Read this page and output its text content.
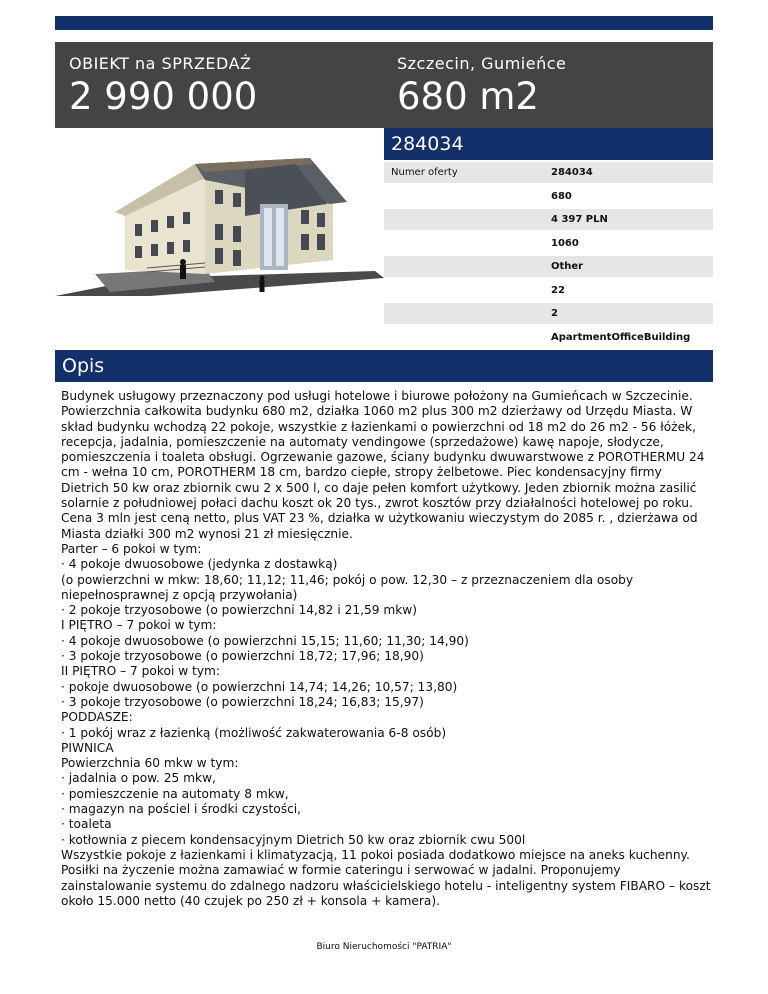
OBIEKT na SPRZEDAŻ
2 990 000
Szczecin, Gumieńce
680 m2
284034
Numer oferty	284034
680
4 397 PLN
1060
Other
22
2
ApartmentOfficeBuilding
Opis

Budynek usługowy przeznaczony pod usługi hotelowe i biurowe położony na Gumieńcach w Szczecinie. Powierzchnia całkowita budynku 680 m2, działka 1060 m2 plus 300 m2 dzierżawy od Urzędu Miasta. W skład budynku wchodzą 22 pokoje, wszystkie z łazienkami o powierzchni od 18 m2 do 26 m2 - 56 łóżek, recepcja, jadalnia, pomieszczenie na automaty vendingowe (sprzedażowe) kawę napoje, słodycze, pomieszczenia i toaleta obsługi. Ogrzewanie gazowe, ściany budynku dwuwarstwowe z POROTHERMU 24 cm - wełna 10 cm, POROTHERM 18 cm, bardzo ciepłe, stropy żelbetowe. Piec kondensacyjny firmy Dietrich 50 kw oraz zbiornik cwu 2 x 500 l, co daje pełen komfort użytkowy. Jeden zbiornik można zasilić solarnie z południowej połaci dachu koszt ok 20 tys., zwrot kosztów przy działalności hotelowej po roku.

Cena 3 mln jest ceną netto, plus VAT 23 %, działka w użytkowaniu wieczystym do 2085 r. , dzierżawa od Miasta działki 300 m2 wynosi 21 zł miesięcznie.

Parter – 6 pokoi w tym:

· 4 pokoje dwuosobowe (jedynka z dostawką)

(o powierzchni w mkw: 18,60; 11,12; 11,46; pokój o pow. 12,30 – z przeznaczeniem dla osoby niepełnosprawnej z opcją przywołania)

· 2 pokoje trzyosobowe (o powierzchni 14,82 i 21,59 mkw)

I PIĘTRO – 7 pokoi w tym:

· 4 pokoje dwuosobowe (o powierzchni 15,15; 11,60; 11,30; 14,90)

· 3 pokoje trzyosobowe (o powierzchni 18,72; 17,96; 18,90)

II PIĘTRO – 7 pokoi w tym:

· pokoje dwuosobowe (o powierzchni 14,74; 14,26; 10,57; 13,80)

· 3 pokoje trzyosobowe (o powierzchni 18,24; 16,83; 15,97)

PODDASZE:

· 1 pokój wraz z łazienką (możliwość zakwaterowania 6-8 osób)

PIWNICA

Powierzchnia 60 mkw w tym:

· jadalnia o pow. 25 mkw,

· pomieszczenie na automaty 8 mkw,

· magazyn na pościel i środki czystości,

· toaleta

· kotłownia z piecem kondensacyjnym Dietrich 50 kw oraz zbiornik cwu 500l

Wszystkie pokoje z łazienkami i klimatyzacją, 11 pokoi posiada dodatkowo miejsce na aneks kuchenny. Posiłki na życzenie można zamawiać w formie cateringu i serwować w jadalni. Proponujemy zainstalowanie systemu do zdalnego nadzoru właścicielskiego hotelu - inteligentny system FIBARO – koszt około 15.000 netto (40 czujek po 250 zł + konsola + kamera).

Biuro Nieruchomości "PATRIA"
